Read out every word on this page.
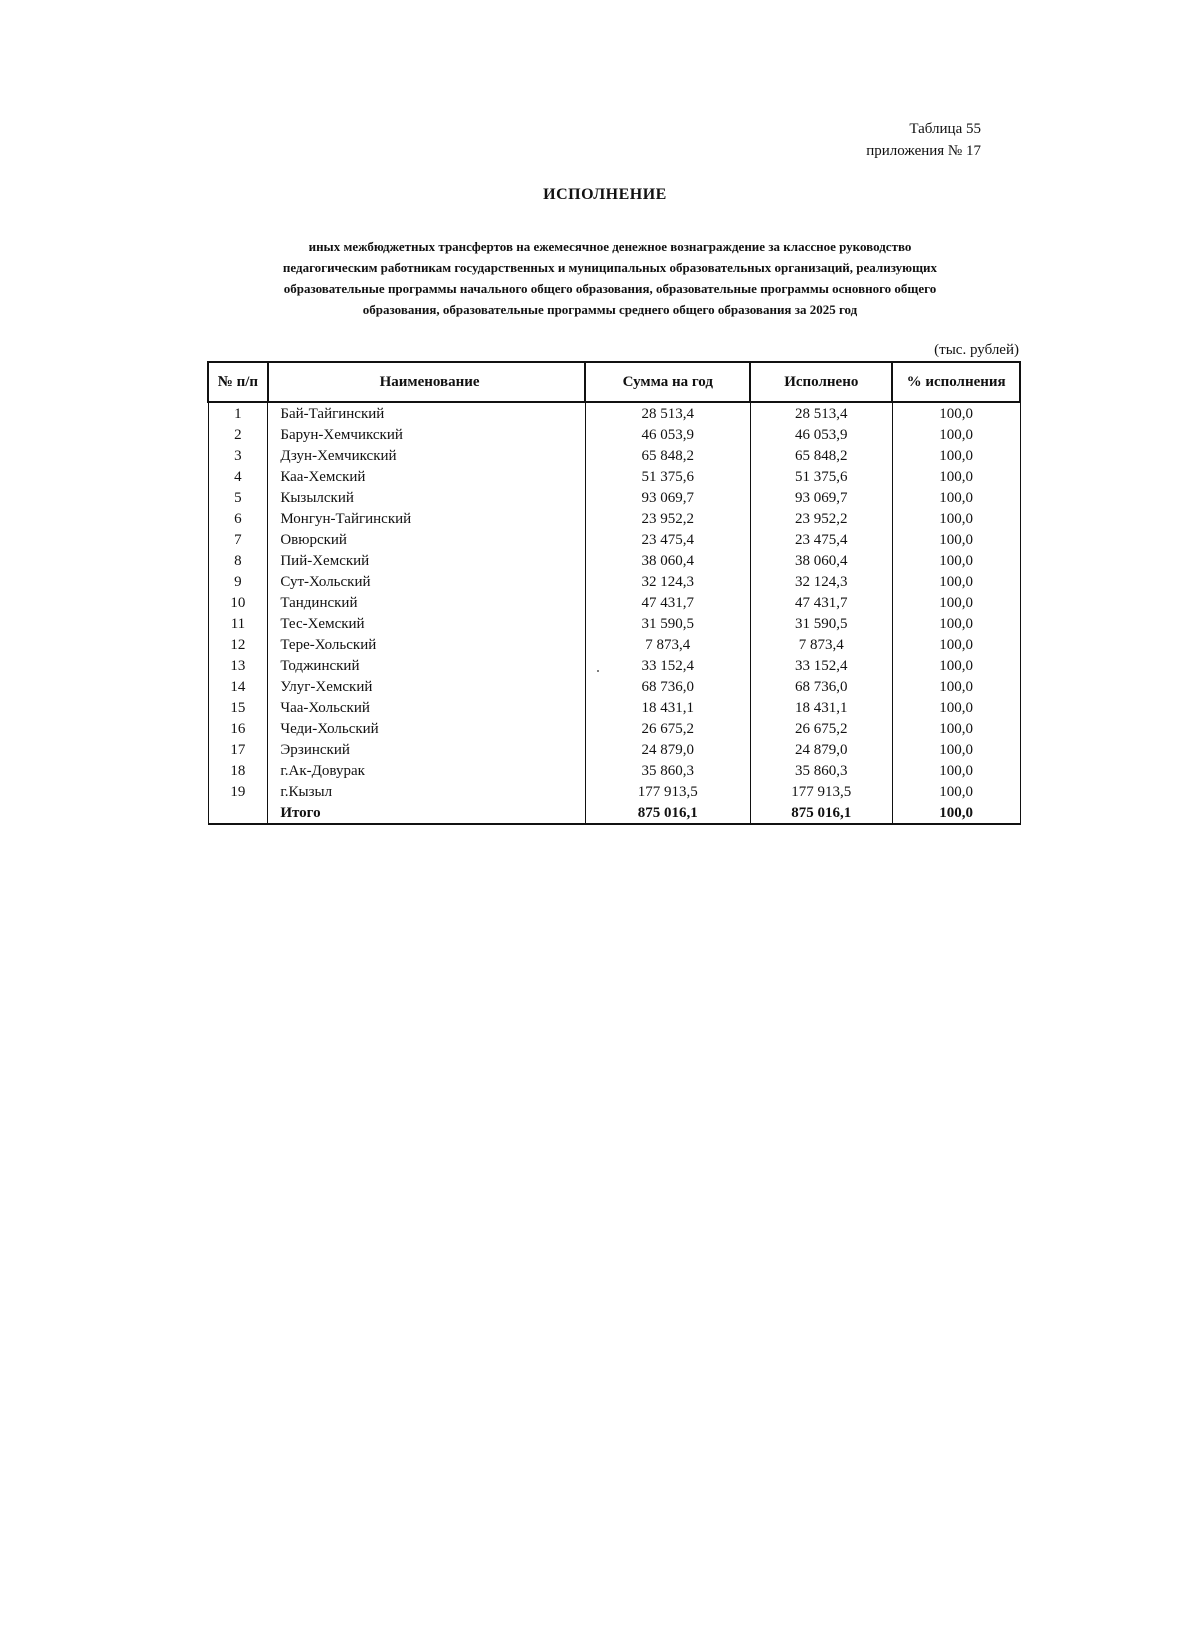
Таблица 55
приложения № 17
ИСПОЛНЕНИЕ
иных межбюджетных трансфертов на ежемесячное денежное вознаграждение за классное руководство
педагогическим работникам государственных и муниципальных образовательных организаций, реализующих
образовательные программы начального общего образования, образовательные программы основного общего
образования, образовательные программы среднего общего образования за 2025 год
(тыс. рублей)
№ п/п	Наименование	Сумма на год	Исполнено	% исполнения
1	Бай-Тайгинский	28 513,4	28 513,4	100,0
2	Барун-Хемчикский	46 053,9	46 053,9	100,0
3	Дзун-Хемчикский	65 848,2	65 848,2	100,0
4	Каа-Хемский	51 375,6	51 375,6	100,0
5	Кызылский	93 069,7	93 069,7	100,0
6	Монгун-Тайгинский	23 952,2	23 952,2	100,0
7	Овюрский	23 475,4	23 475,4	100,0
8	Пий-Хемский	38 060,4	38 060,4	100,0
9	Сут-Хольский	32 124,3	32 124,3	100,0
10	Тандинский	47 431,7	47 431,7	100,0
11	Тес-Хемский	31 590,5	31 590,5	100,0
12	Тере-Хольский	7 873,4	7 873,4	100,0
13	Тоджинский	33 152,4	33 152,4	100,0
14	Улуг-Хемский	68 736,0	68 736,0	100,0
15	Чаа-Хольский	18 431,1	18 431,1	100,0
16	Чеди-Хольский	26 675,2	26 675,2	100,0
17	Эрзинский	24 879,0	24 879,0	100,0
18	г.Ак-Довурак	35 860,3	35 860,3	100,0
19	г.Кызыл	177 913,5	177 913,5	100,0
	Итого	875 016,1	875 016,1	100,0
